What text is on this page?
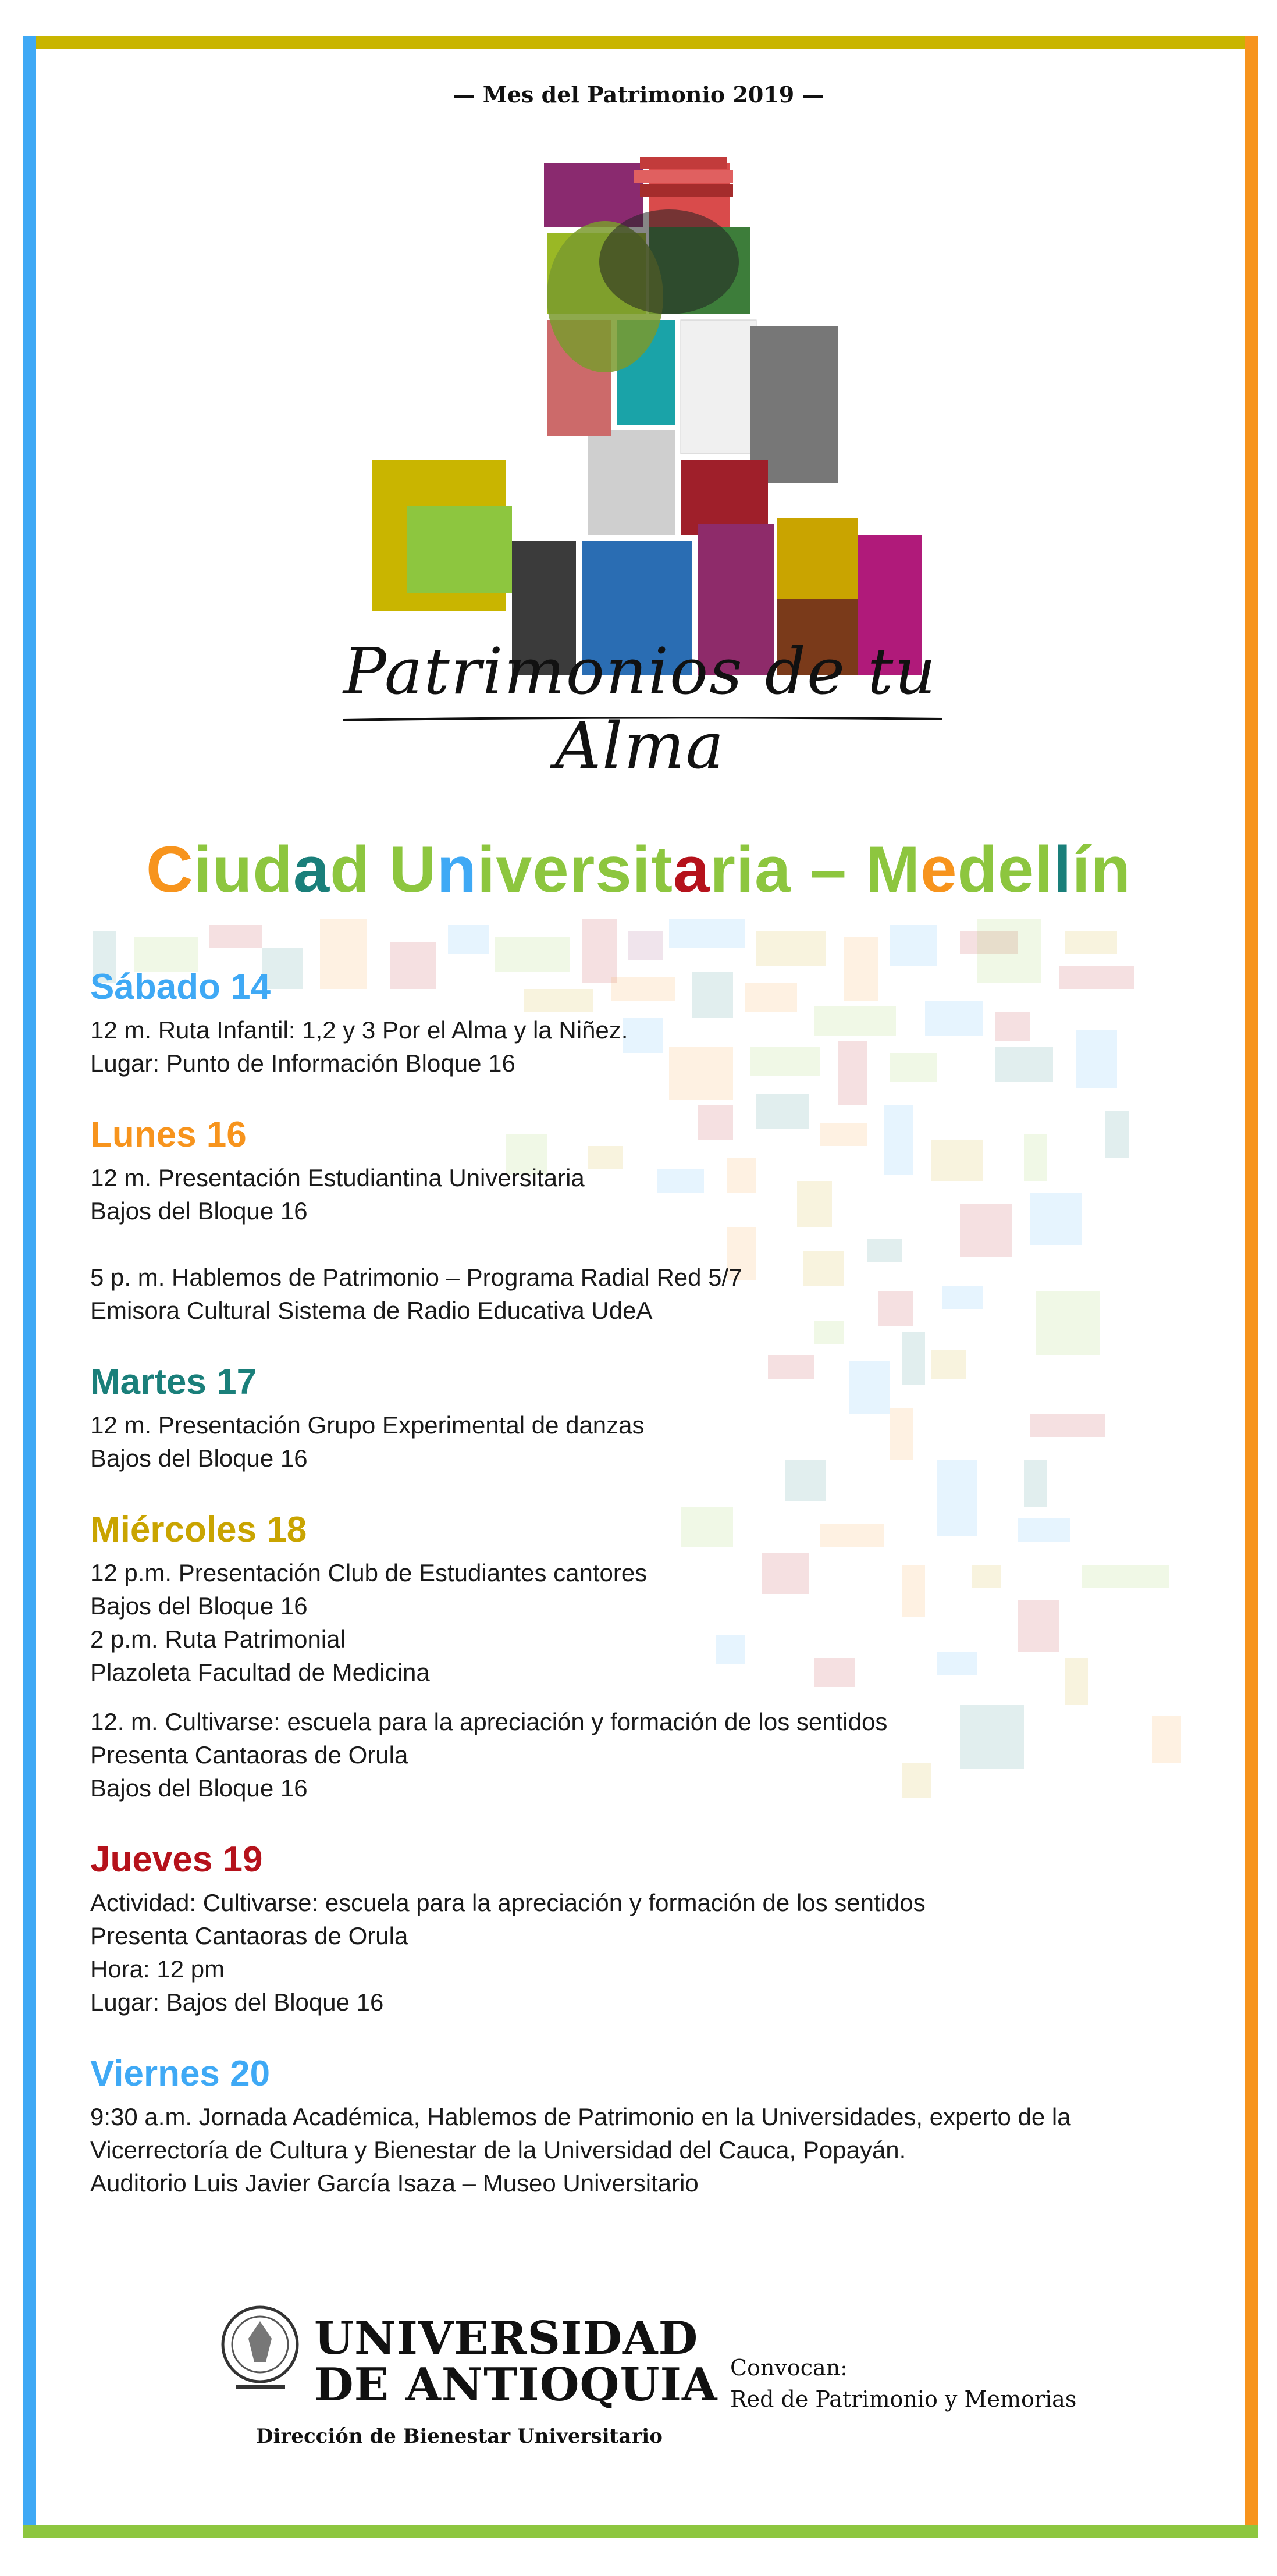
— Mes del Patrimonio 2019 —
Patrimonios de tu Alma
Ciudad Universitaria – Medellín
Sábado 14
12 m. Ruta Infantil: 1,2 y 3 Por el Alma y la Niñez.
Lugar: Punto de Información Bloque 16
Lunes 16
12 m. Presentación Estudiantina Universitaria
Bajos del Bloque 16
5 p. m. Hablemos de Patrimonio – Programa Radial Red 5/7
Emisora Cultural Sistema de Radio Educativa UdeA
Martes 17
12 m. Presentación Grupo Experimental de danzas
Bajos del Bloque 16
Miércoles 18
12 p.m. Presentación Club de Estudiantes cantores
Bajos del Bloque 16
2 p.m. Ruta Patrimonial
Plazoleta Facultad de Medicina
12. m. Cultivarse: escuela para la apreciación y formación de los sentidos
Presenta Cantaoras de Orula
Bajos del Bloque 16
Jueves 19
Actividad: Cultivarse: escuela para la apreciación y formación de los sentidos
Presenta Cantaoras de Orula
Hora: 12 pm
Lugar: Bajos del Bloque 16
Viernes 20
9:30 a.m. Jornada Académica, Hablemos de Patrimonio en la Universidades, experto de la
Vicerrectoría de Cultura y Bienestar de la Universidad del Cauca, Popayán.
Auditorio Luis Javier García Isaza – Museo Universitario
UNIVERSIDAD
DE ANTIOQUIA
Dirección de Bienestar Universitario
Convocan:
Red de Patrimonio y Memorias
